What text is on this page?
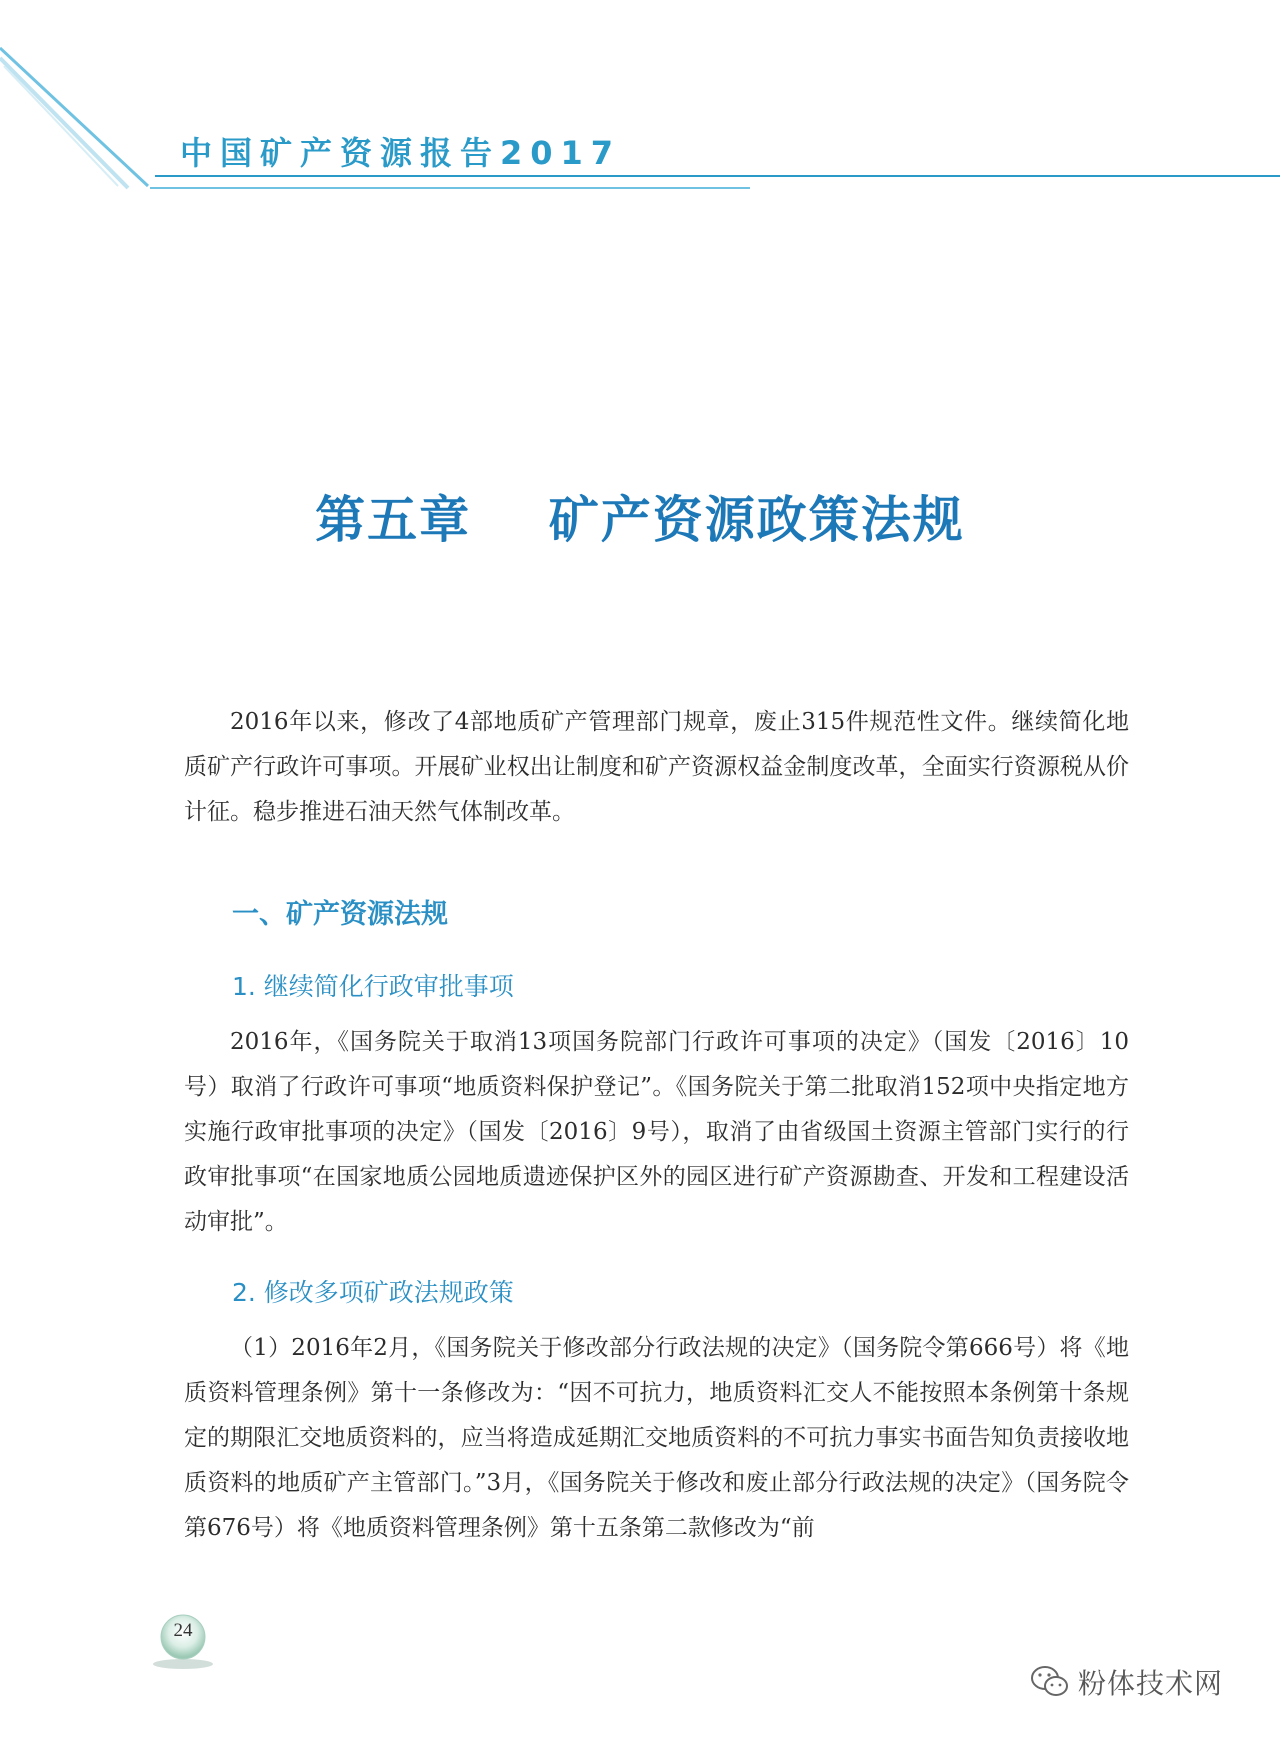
中国矿产资源报告2017
第五章    矿产资源政策法规

2016年以来，修改了4部地质矿产管理部门规章，废止315件规范性文件。继续简化地质矿产行政许可事项。开展矿业权出让制度和矿产资源权益金制度改革，全面实行资源税从价计征。稳步推进石油天然气体制改革。

一、矿产资源法规
1. 继续简化行政审批事项

2016年，《国务院关于取消13项国务院部门行政许可事项的决定》（国发〔2016〕10号）取消了行政许可事项“地质资料保护登记”。《国务院关于第二批取消152项中央指定地方实施行政审批事项的决定》（国发〔2016〕9号），取消了由省级国土资源主管部门实行的行政审批事项“在国家地质公园地质遗迹保护区外的园区进行矿产资源勘查、开发和工程建设活动审批”。

2. 修改多项矿政法规政策

（1）2016年2月，《国务院关于修改部分行政法规的决定》（国务院令第666号）将《地质资料管理条例》第十一条修改为：“因不可抗力，地质资料汇交人不能按照本条例第十条规定的期限汇交地质资料的，应当将造成延期汇交地质资料的不可抗力事实书面告知负责接收地质资料的地质矿产主管部门。”3月，《国务院关于修改和废止部分行政法规的决定》（国务院令第676号）将《地质资料管理条例》第十五条第二款修改为“前

24
粉体技术网
